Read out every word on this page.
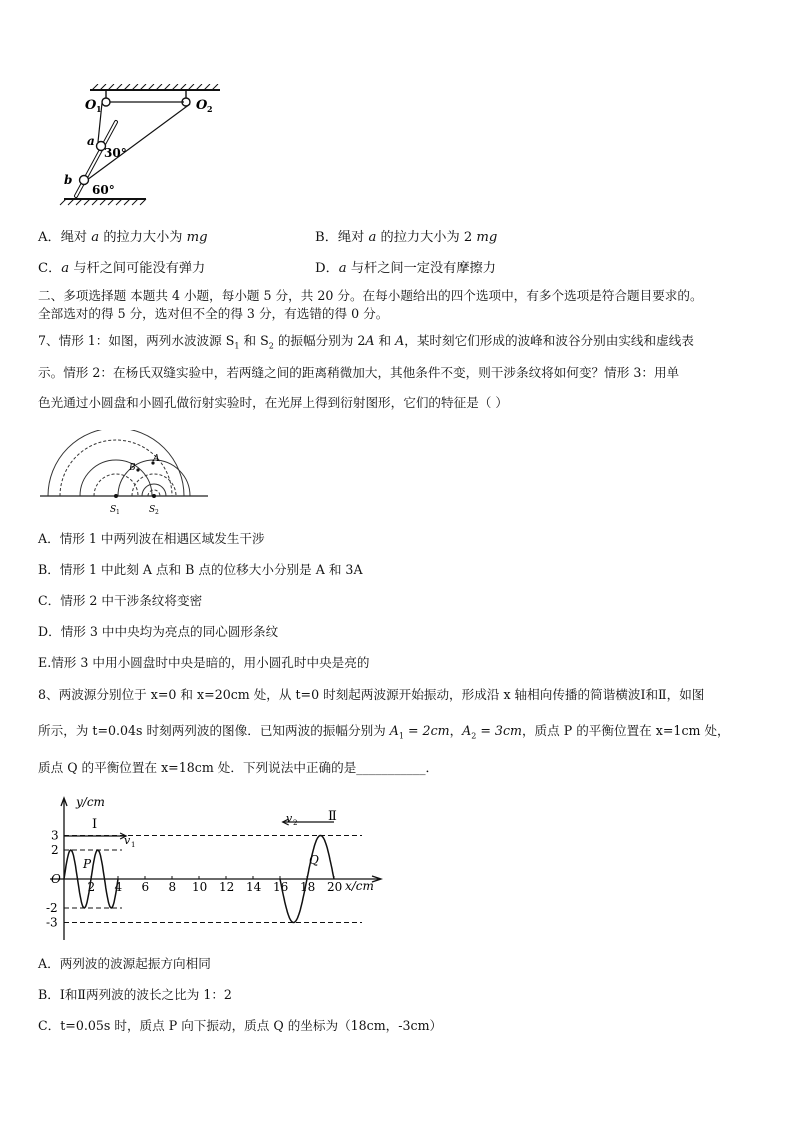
O 1	O 2
a
b
30°
60°
A．绳对 a 的拉力大小为 mg	B．绳对 a 的拉力大小为 2 mg
C．a 与杆之间可能没有弹力	D．a 与杆之间一定没有摩擦力
二、多项选择题 本题共 4 小题，每小题 5 分，共 20 分。在每小题给出的四个选项中，有多个选项是符合题目要求的。
全部选对的得 5 分，选对但不全的得 3 分，有选错的得 0 分。
7、情形 1：如图，两列水波波源 $S_1$ 和 $S_2$ 的振幅分别为 2A 和 A，某时刻它们形成的波峰和波谷分别由实线和虚线表
示。情形 2：在杨氏双缝实验中，若两缝之间的距离稍微加大，其他条件不变，则干涉条纹将如何变？情形 3：用单
色光通过小圆盘和小圆孔做衍射实验时，在光屏上得到衍射图形，它们的特征是（ ）
B
A
S 1	S 2
A．情形 1 中两列波在相遇区域发生干涉
B．情形 1 中此刻 A 点和 B 点的位移大小分别是 A 和 3A
C．情形 2 中干涉条纹将变密
D．情形 3 中中央均为亮点的同心圆形条纹
E.情形 3 中用小圆盘时中央是暗的，用小圆孔时中央是亮的
8、两波源分别位于 x=0 和 x=20cm 处，从 t=0 时刻起两波源开始振动，形成沿 x 轴相向传播的简谐横波Ⅰ和Ⅱ，如图
所示，为 t=0.04s 时刻两列波的图像．已知两波的振幅分别为 $A_1 = 2cm$，$A_2 = 3cm$，质点 P 的平衡位置在 x=1cm 处，
质点 Q 的平衡位置在 x=18cm 处．下列说法中正确的是___________．
2 4 6 8 10 12 14 16 18 20
3
2
O
-2
-3
y/cm
x/cm
Ⅰ
Ⅱ
v 1
v 2
P	Q
A．两列波的波源起振方向相同
B．Ⅰ和Ⅱ两列波的波长之比为 1：2
C．t=0.05s 时，质点 P 向下振动，质点 Q 的坐标为（18cm，-3cm）
